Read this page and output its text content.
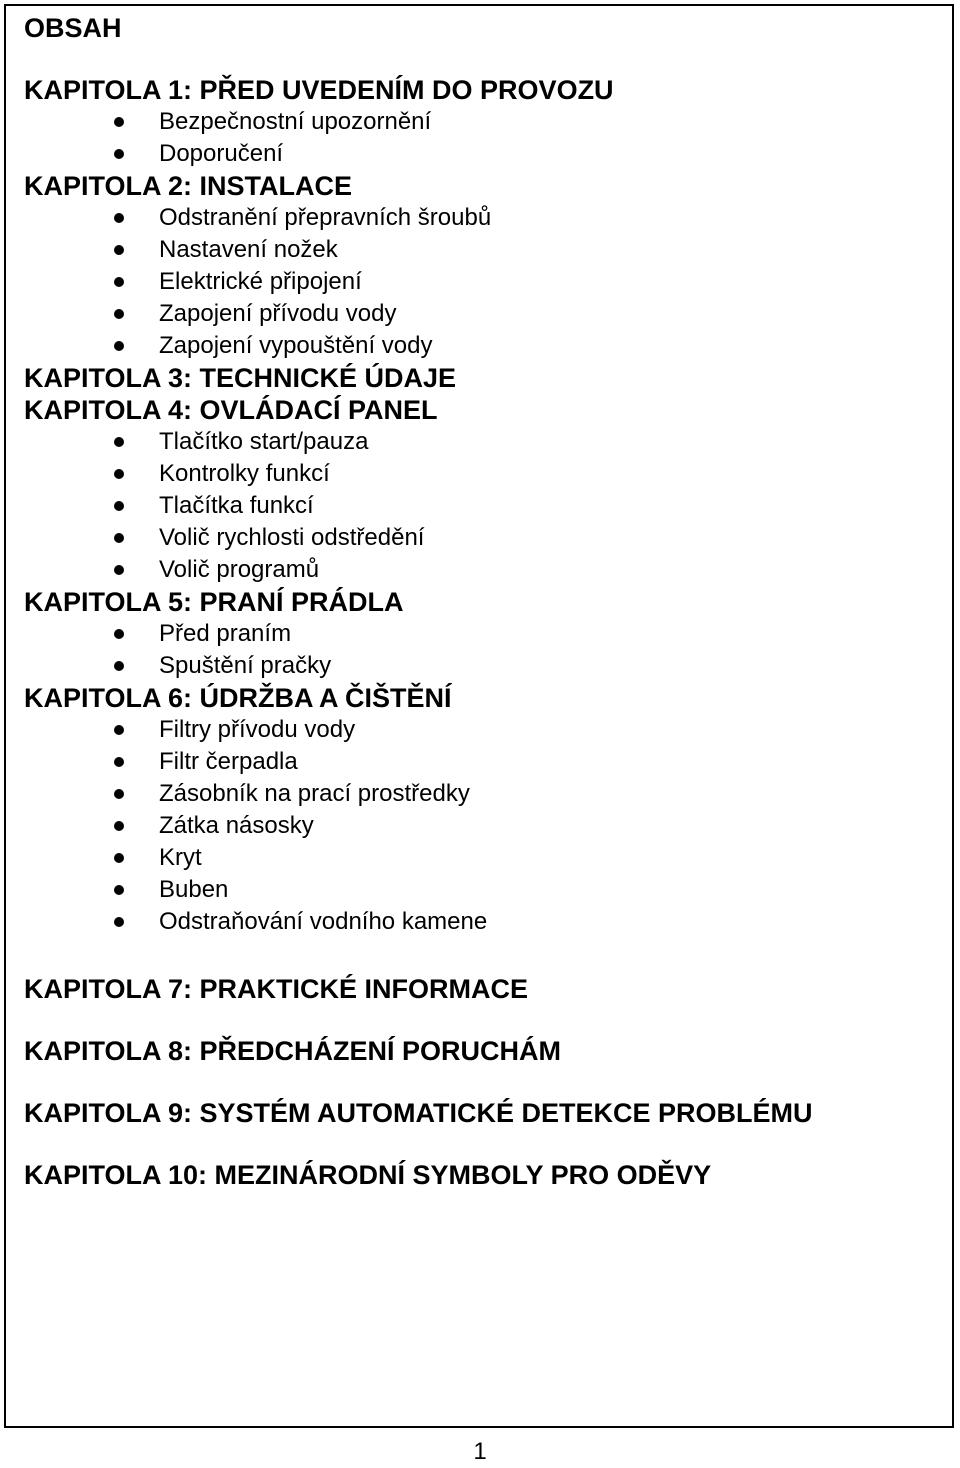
OBSAH
KAPITOLA 1: PŘED UVEDENÍM DO PROVOZU
Bezpečnostní upozornění
Doporučení
KAPITOLA 2: INSTALACE
Odstranění přepravních šroubů
Nastavení nožek
Elektrické připojení
Zapojení přívodu vody
Zapojení vypouštění vody
KAPITOLA 3: TECHNICKÉ ÚDAJE
KAPITOLA 4: OVLÁDACÍ PANEL
Tlačítko start/pauza
Kontrolky funkcí
Tlačítka funkcí
Volič rychlosti odstředění
Volič programů
KAPITOLA 5: PRANÍ PRÁDLA
Před praním
Spuštění pračky
KAPITOLA 6: ÚDRŽBA A ČIŠTĚNÍ
Filtry přívodu vody
Filtr čerpadla
Zásobník na prací prostředky
Zátka násosky
Kryt
Buben
Odstraňování vodního kamene
KAPITOLA 7: PRAKTICKÉ INFORMACE
KAPITOLA 8: PŘEDCHÁZENÍ PORUCHÁM
KAPITOLA 9: SYSTÉM AUTOMATICKÉ DETEKCE PROBLÉMU
KAPITOLA 10: MEZINÁRODNÍ SYMBOLY PRO ODĚVY
1
